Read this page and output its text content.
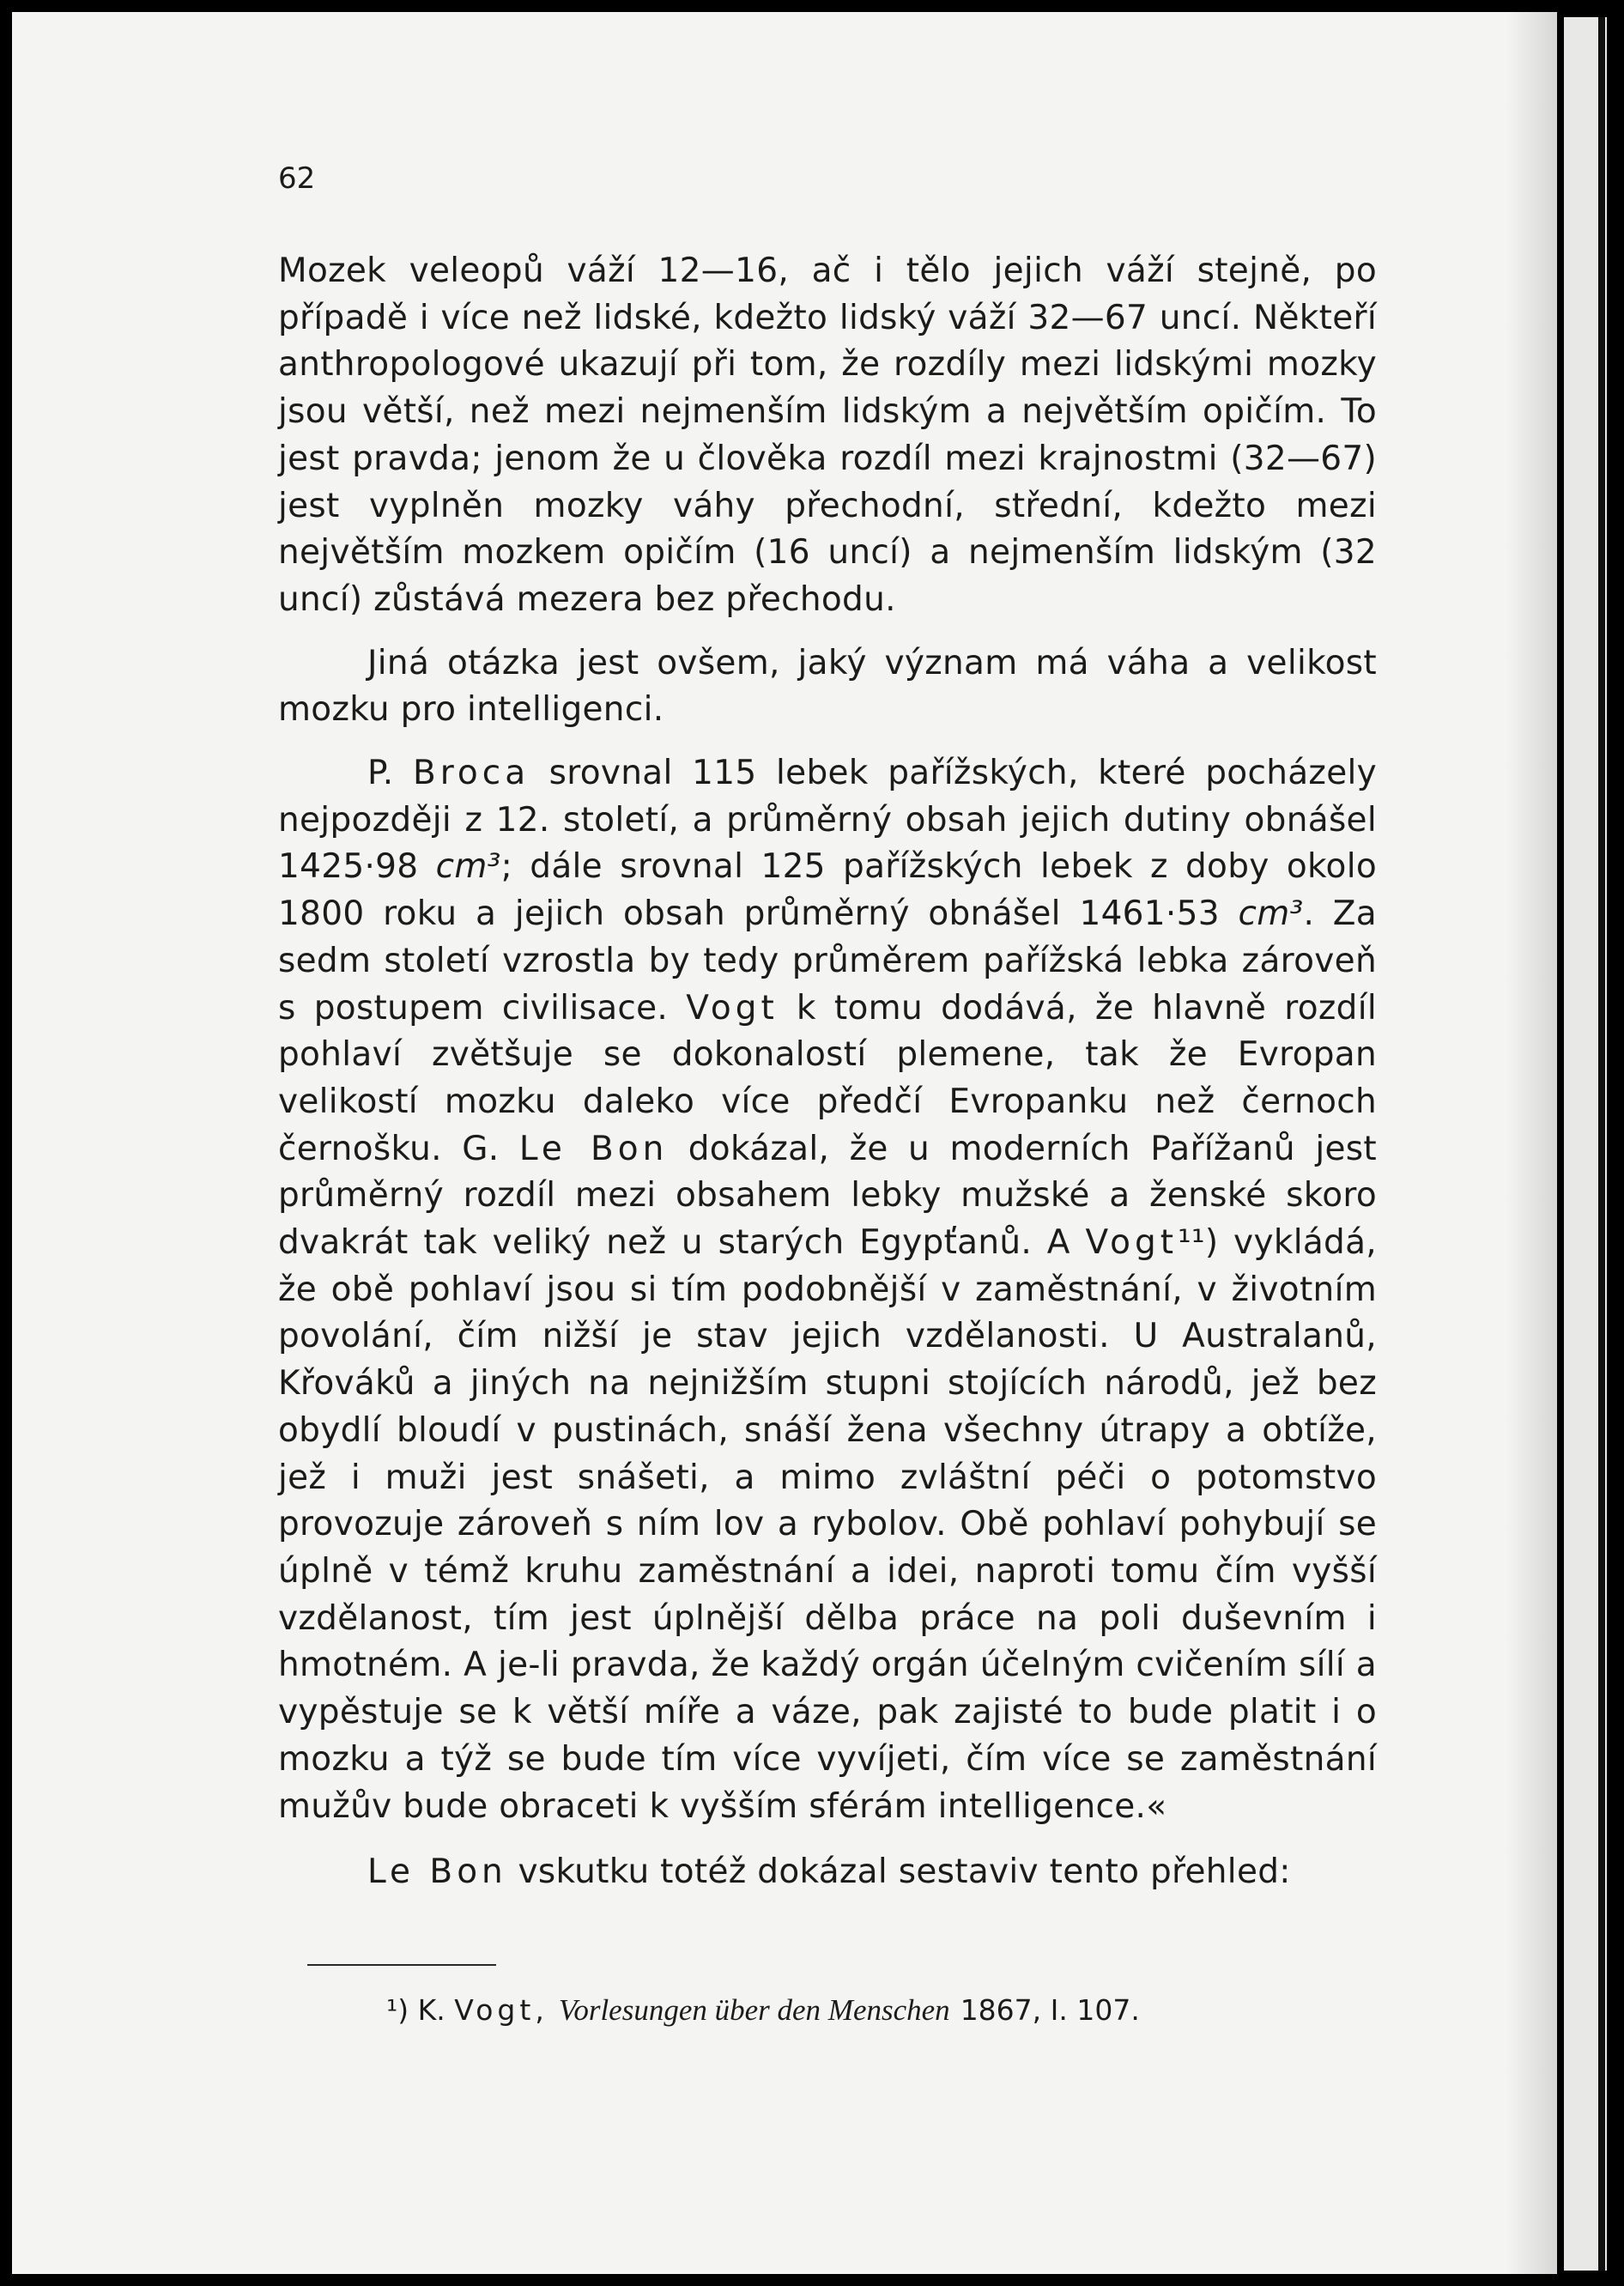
62

Mozek veleopů váží 12—16, ač i tělo jejich váží stejně, po případě i více než lidské, kdežto lidský váží 32—67 uncí. Někteří anthropologové ukazují při tom, že rozdíly mezi lidskými mozky jsou větší, než mezi nejmenším lidským a největším opičím. To jest pravda; jenom že u člověka rozdíl mezi krajnostmi (32—67) jest vyplněn mozky váhy přechodní, střední, kdežto mezi největším mozkem opičím (16 uncí) a nejmenším lidským (32 uncí) zůstává mezera bez přechodu.

Jiná otázka jest ovšem, jaký význam má váha a velikost mozku pro intelligenci.

P. Broca srovnal 115 lebek pařížských, které pocházely nejpozději z 12. století, a průměrný obsah jejich dutiny obnášel 1425·98 cm³; dále srovnal 125 pařížských lebek z doby okolo 1800 roku a jejich obsah průměrný obnášel 1461·53 cm³. Za sedm století vzrostla by tedy průměrem pařížská lebka zároveň s postupem civilisace. Vogt k tomu dodává, že hlavně rozdíl pohlaví zvětšuje se dokonalostí plemene, tak že Evropan velikostí mozku daleko více předčí Evropanku než černoch černošku. G. Le Bon dokázal, že u moderních Pařížanů jest průměrný rozdíl mezi obsahem lebky mužské a ženské skoro dvakrát tak veliký než u starých Egypťanů. A Vogt¹¹) vykládá, že obě pohlaví jsou si tím podobnější v zaměstnání, v životním povolání, čím nižší je stav jejich vzdělanosti. U Australanů, Křováků a jiných na nejnižším stupni stojících národů, jež bez obydlí bloudí v pustinách, snáší žena všechny útrapy a obtíže, jež i muži jest snášeti, a mimo zvláštní péči o potomstvo provozuje zároveň s ním lov a rybolov. Obě pohlaví pohybují se úplně v témž kruhu zaměstnání a idei, naproti tomu čím vyšší vzdělanost, tím jest úplnější dělba práce na poli duševním i hmotném. A je-li pravda, že každý orgán účelným cvičením sílí a vypěstuje se k větší míře a váze, pak zajisté to bude platit i o mozku a týž se bude tím více vyvíjeti, čím více se zaměstnání mužův bude obraceti k vyšším sférám intelligence.«

Le Bon vskutku totéž dokázal sestaviv tento přehled:

¹) K. Vogt, Vorlesungen über den Menschen 1867, I. 107.
